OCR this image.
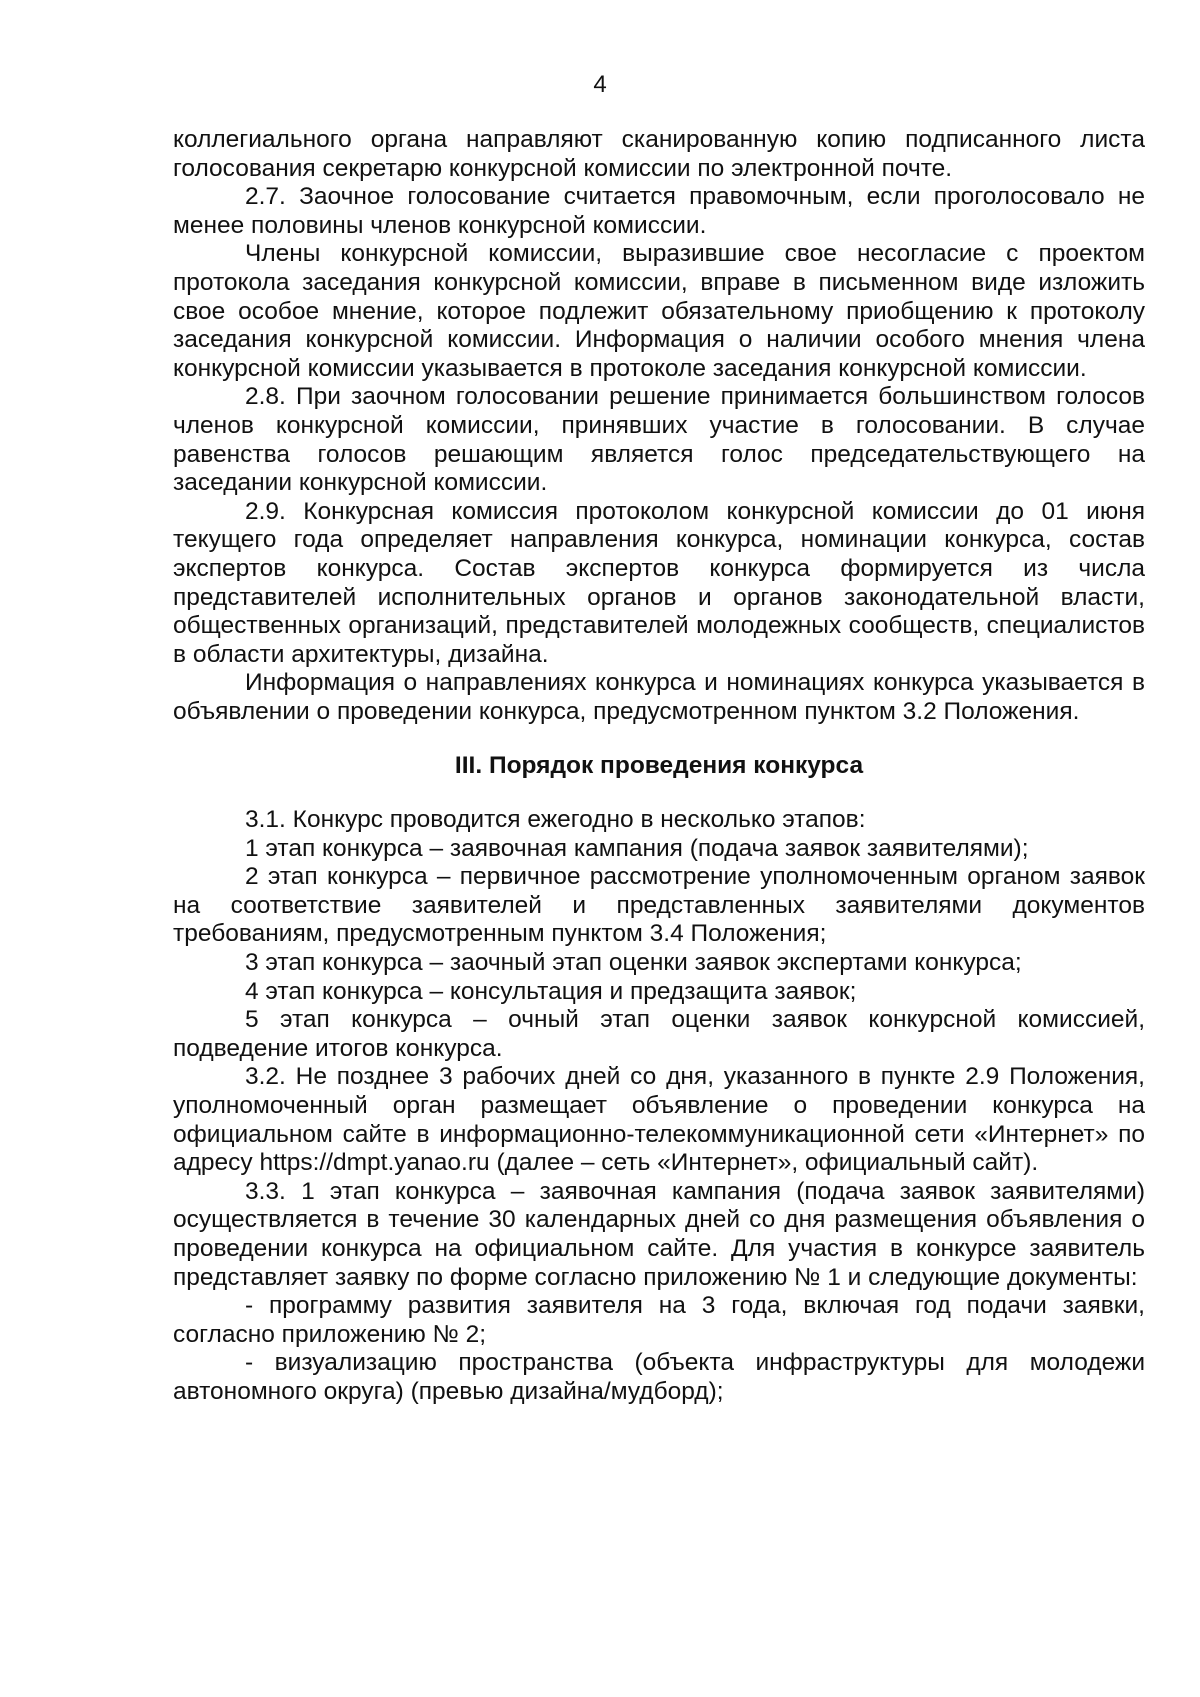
4

коллегиального органа направляют сканированную копию подписанного листа голосования секретарю конкурсной комиссии по электронной почте.

2.7. Заочное голосование считается правомочным, если проголосовало не менее половины членов конкурсной комиссии.

Члены конкурсной комиссии, выразившие свое несогласие с проектом протокола заседания конкурсной комиссии, вправе в письменном виде изложить свое особое мнение, которое подлежит обязательному приобщению к протоколу заседания конкурсной комиссии. Информация о наличии особого мнения члена конкурсной комиссии указывается в протоколе заседания конкурсной комиссии.

2.8. При заочном голосовании решение принимается большинством голосов членов конкурсной комиссии, принявших участие в голосовании. В случае равенства голосов решающим является голос председательствующего на заседании конкурсной комиссии.

2.9. Конкурсная комиссия протоколом конкурсной комиссии до 01 июня текущего года определяет направления конкурса, номинации конкурса, состав экспертов конкурса. Состав экспертов конкурса формируется из числа представителей исполнительных органов и органов законодательной власти, общественных организаций, представителей молодежных сообществ, специалистов в области архитектуры, дизайна.

Информация о направлениях конкурса и номинациях конкурса указывается в объявлении о проведении конкурса, предусмотренном пунктом 3.2 Положения.

III. Порядок проведения конкурса

3.1. Конкурс проводится ежегодно в несколько этапов:

1 этап конкурса – заявочная кампания (подача заявок заявителями);

2 этап конкурса – первичное рассмотрение уполномоченным органом заявок на соответствие заявителей и представленных заявителями документов требованиям, предусмотренным пунктом 3.4 Положения;

3 этап конкурса – заочный этап оценки заявок экспертами конкурса;

4 этап конкурса – консультация и предзащита заявок;

5 этап конкурса – очный этап оценки заявок конкурсной комиссией, подведение итогов конкурса.

3.2. Не позднее 3 рабочих дней со дня, указанного в пункте 2.9 Положения, уполномоченный орган размещает объявление о проведении конкурса на официальном сайте в информационно-телекоммуникационной сети «Интернет» по адресу https://dmpt.yanao.ru (далее – сеть «Интернет», официальный сайт).

3.3. 1 этап конкурса – заявочная кампания (подача заявок заявителями) осуществляется в течение 30 календарных дней со дня размещения объявления о проведении конкурса на официальном сайте. Для участия в конкурсе заявитель представляет заявку по форме согласно приложению № 1 и следующие документы:

- программу развития заявителя на 3 года, включая год подачи заявки, согласно приложению № 2;

- визуализацию пространства (объекта инфраструктуры для молодежи автономного округа) (превью дизайна/мудборд);
